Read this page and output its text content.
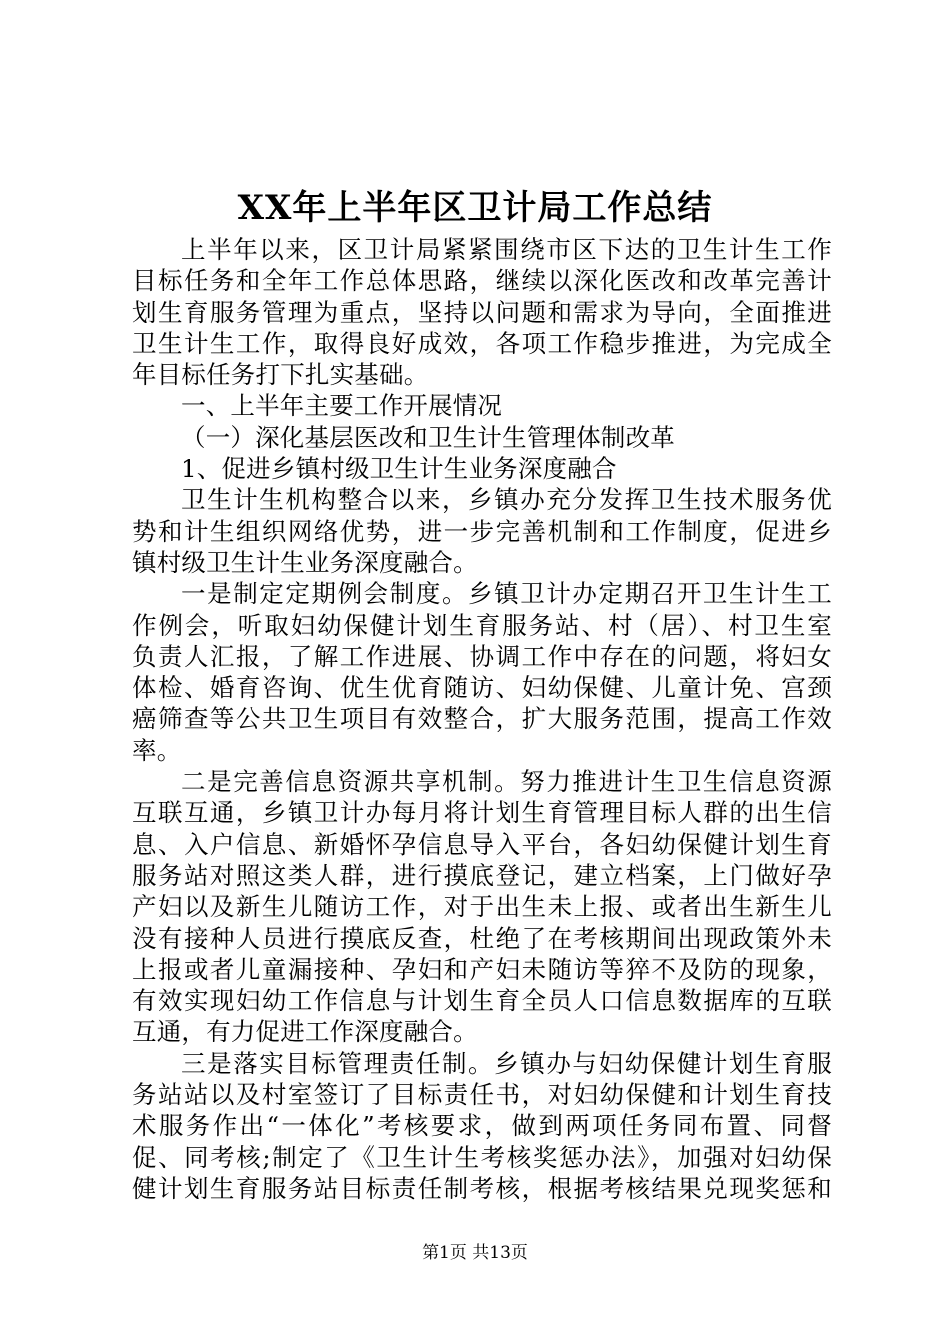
XX年上半年区卫计局工作总结
上半年以来，区卫计局紧紧围绕市区下达的卫生计生工作
目标任务和全年工作总体思路，继续以深化医改和改革完善计
划生育服务管理为重点，坚持以问题和需求为导向，全面推进
卫生计生工作，取得良好成效，各项工作稳步推进，为完成全
年目标任务打下扎实基础。
一、上半年主要工作开展情况
（一）深化基层医改和卫生计生管理体制改革
1、促进乡镇村级卫生计生业务深度融合
卫生计生机构整合以来，乡镇办充分发挥卫生技术服务优
势和计生组织网络优势，进一步完善机制和工作制度，促进乡
镇村级卫生计生业务深度融合。
一是制定定期例会制度。乡镇卫计办定期召开卫生计生工
作例会，听取妇幼保健计划生育服务站、村（居）、村卫生室
负责人汇报，了解工作进展、协调工作中存在的问题，将妇女
体检、婚育咨询、优生优育随访、妇幼保健、儿童计免、宫颈
癌筛查等公共卫生项目有效整合，扩大服务范围，提高工作效
率。
二是完善信息资源共享机制。努力推进计生卫生信息资源
互联互通，乡镇卫计办每月将计划生育管理目标人群的出生信
息、入户信息、新婚怀孕信息导入平台，各妇幼保健计划生育
服务站对照这类人群，进行摸底登记，建立档案，上门做好孕
产妇以及新生儿随访工作，对于出生未上报、或者出生新生儿
没有接种人员进行摸底反查，杜绝了在考核期间出现政策外未
上报或者儿童漏接种、孕妇和产妇未随访等猝不及防的现象，
有效实现妇幼工作信息与计划生育全员人口信息数据库的互联
互通，有力促进工作深度融合。
三是落实目标管理责任制。乡镇办与妇幼保健计划生育服
务站站以及村室签订了目标责任书，对妇幼保健和计划生育技
术服务作出“一体化”考核要求，做到两项任务同布置、同督
促、同考核;制定了《卫生计生考核奖惩办法》，加强对妇幼保
健计划生育服务站目标责任制考核，根据考核结果兑现奖惩和
第1页 共13页
